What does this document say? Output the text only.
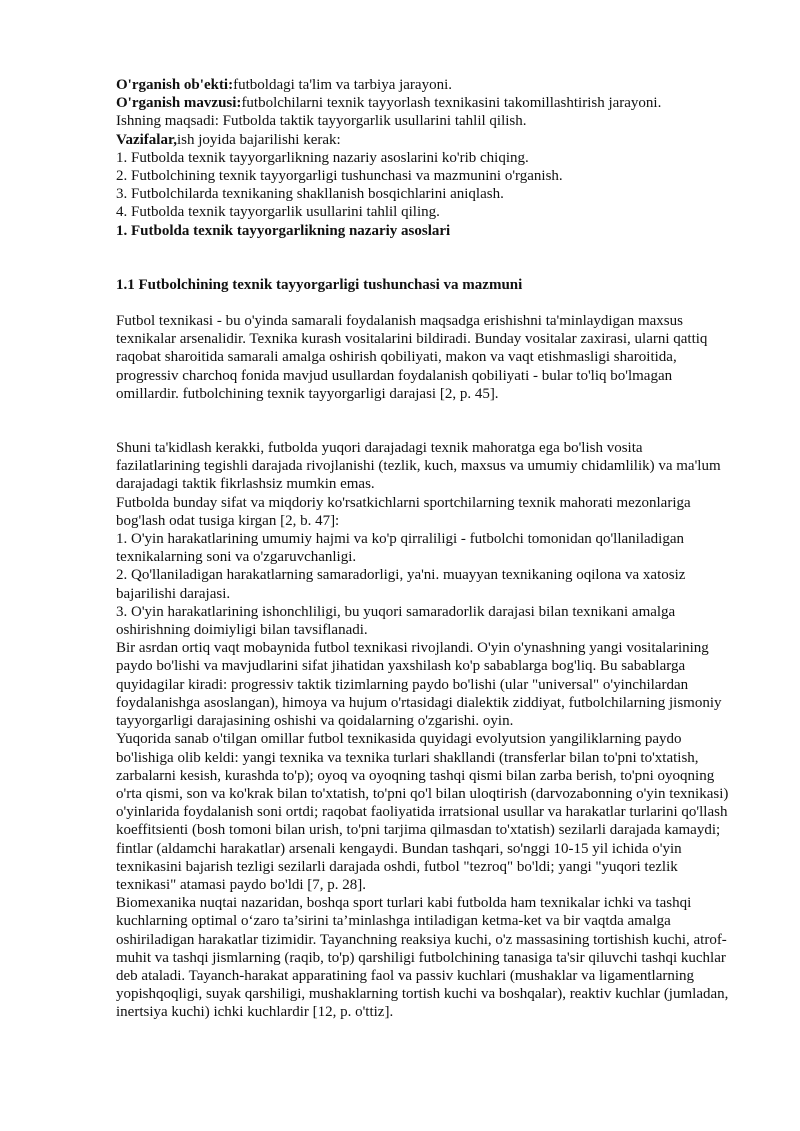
O'rganish ob'ekti:futboldagi ta'lim va tarbiya jarayoni.

O'rganish mavzusi:futbolchilarni texnik tayyorlash texnikasini takomillashtirish jarayoni.

Ishning maqsadi: Futbolda taktik tayyorgarlik usullarini tahlil qilish.

Vazifalar,ish joyida bajarilishi kerak:

1. Futbolda texnik tayyorgarlikning nazariy asoslarini ko'rib chiqing.

2. Futbolchining texnik tayyorgarligi tushunchasi va mazmunini o'rganish.

3. Futbolchilarda texnikaning shakllanish bosqichlarini aniqlash.

4. Futbolda texnik tayyorgarlik usullarini tahlil qiling.

1. Futbolda texnik tayyorgarlikning nazariy asoslari

1.1 Futbolchining texnik tayyorgarligi tushunchasi va mazmuni

Futbol texnikasi - bu o'yinda samarali foydalanish maqsadga erishishni ta'minlaydigan maxsus texnikalar arsenalidir. Texnika kurash vositalarini bildiradi. Bunday vositalar zaxirasi, ularni qattiq raqobat sharoitida samarali amalga oshirish qobiliyati, makon va vaqt etishmasligi sharoitida, progressiv charchoq fonida mavjud usullardan foydalanish qobiliyati - bular to'liq bo'lmagan omillardir. futbolchining texnik tayyorgarligi darajasi [2, p. 45].

Shuni ta'kidlash kerakki, futbolda yuqori darajadagi texnik mahoratga ega bo'lish vosita fazilatlarining tegishli darajada rivojlanishi (tezlik, kuch, maxsus va umumiy chidamlilik) va ma'lum darajadagi taktik fikrlashsiz mumkin emas.

Futbolda bunday sifat va miqdoriy ko'rsatkichlarni sportchilarning texnik mahorati mezonlariga bog'lash odat tusiga kirgan [2, b. 47]:

1. O'yin harakatlarining umumiy hajmi va ko'p qirraliligi - futbolchi tomonidan qo'llaniladigan texnikalarning soni va o'zgaruvchanligi.

2. Qo'llaniladigan harakatlarning samaradorligi, ya'ni. muayyan texnikaning oqilona va xatosiz bajarilishi darajasi.

3. O'yin harakatlarining ishonchliligi, bu yuqori samaradorlik darajasi bilan texnikani amalga oshirishning doimiyligi bilan tavsiflanadi.

Bir asrdan ortiq vaqt mobaynida futbol texnikasi rivojlandi. O'yin o'ynashning yangi vositalarining paydo bo'lishi va mavjudlarini sifat jihatidan yaxshilash ko'p sabablarga bog'liq. Bu sabablarga quyidagilar kiradi: progressiv taktik tizimlarning paydo bo'lishi (ular "universal" o'yinchilardan foydalanishga asoslangan), himoya va hujum o'rtasidagi dialektik ziddiyat, futbolchilarning jismoniy tayyorgarligi darajasining oshishi va qoidalarning o'zgarishi. oyin.

Yuqorida sanab o'tilgan omillar futbol texnikasida quyidagi evolyutsion yangiliklarning paydo bo'lishiga olib keldi: yangi texnika va texnika turlari shakllandi (transferlar bilan to'pni to'xtatish, zarbalarni kesish, kurashda to'p); oyoq va oyoqning tashqi qismi bilan zarba berish, to'pni oyoqning o'rta qismi, son va ko'krak bilan to'xtatish, to'pni qo'l bilan uloqtirish (darvozabonning o'yin texnikasi) o'yinlarida foydalanish soni ortdi; raqobat faoliyatida irratsional usullar va harakatlar turlarini qo'llash koeffitsienti (bosh tomoni bilan urish, to'pni tarjima qilmasdan to'xtatish) sezilarli darajada kamaydi; fintlar (aldamchi harakatlar) arsenali kengaydi. Bundan tashqari, so'nggi 10-15 yil ichida o'yin texnikasini bajarish tezligi sezilarli darajada oshdi, futbol "tezroq" bo'ldi; yangi "yuqori tezlik texnikasi" atamasi paydo bo'ldi [7, p. 28].

Biomexanika nuqtai nazaridan, boshqa sport turlari kabi futbolda ham texnikalar ichki va tashqi kuchlarning optimal o‘zaro ta’sirini ta’minlashga intiladigan ketma-ket va bir vaqtda amalga oshiriladigan harakatlar tizimidir. Tayanchning reaksiya kuchi, o'z massasining tortishish kuchi, atrof-muhit va tashqi jismlarning (raqib, to'p) qarshiligi futbolchining tanasiga ta'sir qiluvchi tashqi kuchlar deb ataladi. Tayanch-harakat apparatining faol va passiv kuchlari (mushaklar va ligamentlarning yopishqoqligi, suyak qarshiligi, mushaklarning tortish kuchi va boshqalar), reaktiv kuchlar (jumladan, inertsiya kuchi) ichki kuchlardir [12, p. o'ttiz].
